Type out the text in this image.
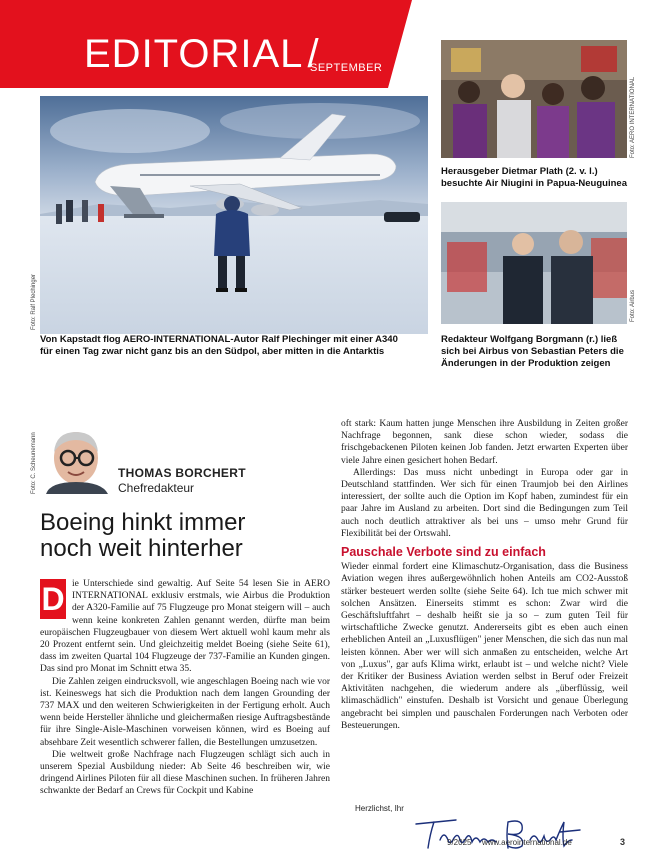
EDITORIAL /
SEPTEMBER
Foto: Ralf Plechinger
Foto: AERO INTERNATIONAL
Herausgeber Dietmar Plath (2. v. l.)
besuchte Air Niugini in Papua-Neuguinea
Foto: Airbus
Redakteur Wolfgang Borgmann (r.) ließ
sich bei Airbus von Sebastian Peters die
Änderungen in der Produktion zeigen
Von Kapstadt flog AERO-INTERNATIONAL-Autor Ralf Plechinger mit einer A340
für einen Tag zwar nicht ganz bis an den Südpol, aber mitten in die Antarktis
Foto: C. Scheunemann	THOMAS BORCHERT
Chefredakteur
Boeing hinkt immer
noch weit hinterher

D ie Unterschiede sind gewaltig. Auf Seite 54 lesen Sie in AERO INTERNATIONAL exklusiv erstmals, wie Airbus die Produktion der A320-Familie auf 75 Flugzeuge pro Monat steigern will – auch wenn keine konkreten Zahlen genannt werden, dürfte man beim europäischen Flugzeugbauer von diesem Wert aktuell wohl kaum mehr als 20 Prozent entfernt sein. Und gleichzeitig meldet Boeing (siehe Seite 61), dass im zweiten Quartal 104 Flugzeuge der 737-Familie an Kunden gingen. Das sind pro Monat im Schnitt etwa 35.

Die Zahlen zeigen eindrucksvoll, wie angeschlagen Boeing nach wie vor ist. Keineswegs hat sich die Produktion nach dem langen Grounding der 737 MAX und den weiteren Schwierigkeiten in der Fertigung erholt. Auch wenn beide Hersteller ähnliche und gleichermaßen riesige Auftragsbestände für ihre Single-Aisle-Maschinen vorweisen können, wird es Boeing auf absehbare Zeit wesentlich schwerer fallen, die Bestellungen umzusetzen.

Die weltweit große Nachfrage nach Flugzeugen schlägt sich auch in unserem Spezial Ausbildung nieder: Ab Seite 46 beschreiben wir, wie dringend Airlines Piloten für all diese Maschinen suchen. In früheren Jahren schwankte der Bedarf an Crews für Cockpit und Kabine

oft stark: Kaum hatten junge Menschen ihre Ausbildung in Zeiten großer Nachfrage begonnen, sank diese schon wieder, sodass die frischgebackenen Piloten keinen Job fanden. Jetzt erwarten Experten über viele Jahre einen gesichert hohen Bedarf.

Allerdings: Das muss nicht unbedingt in Europa oder gar in Deutschland stattfinden. Wer sich für einen Traumjob bei den Airlines interessiert, der sollte auch die Option im Kopf haben, zumindest für ein paar Jahre im Ausland zu arbeiten. Dort sind die Bedingungen zum Teil auch noch deutlich attraktiver als bei uns – umso mehr Grund für Flexibilität bei der Ortswahl.

Pauschale Verbote sind zu einfach

Wieder einmal fordert eine Klimaschutz-Organisation, dass die Business Aviation wegen ihres außergewöhnlich hohen Anteils am CO2-Ausstoß stärker besteuert werden sollte (siehe Seite 64). Ich tue mich schwer mit solchen Ansätzen. Einerseits stimmt es schon: Zwar wird die Geschäftsluftfahrt – deshalb heißt sie ja so – zum guten Teil für wirtschaftliche Zwecke genutzt. Andererseits gibt es eben auch einen erheblichen Anteil an „Luxusflügen" jener Menschen, die sich das nun mal leisten können. Aber wer will sich anmaßen zu entscheiden, welche Art von „Luxus", gar aufs Klima wirkt, erlaubt ist – und welche nicht? Viele der Kritiker der Business Aviation werden selbst in Beruf oder Freizeit Aktivitäten nachgehen, die wiederum andere als „überflüssig, weil klimaschädlich" einstufen. Deshalb ist Vorsicht und genaue Überlegung angebracht bei simplen und pauschalen Forderungen nach Verboten oder Besteuerungen.

Herzlichst, Ihr
9/2025 www.aerointernational.de	3
